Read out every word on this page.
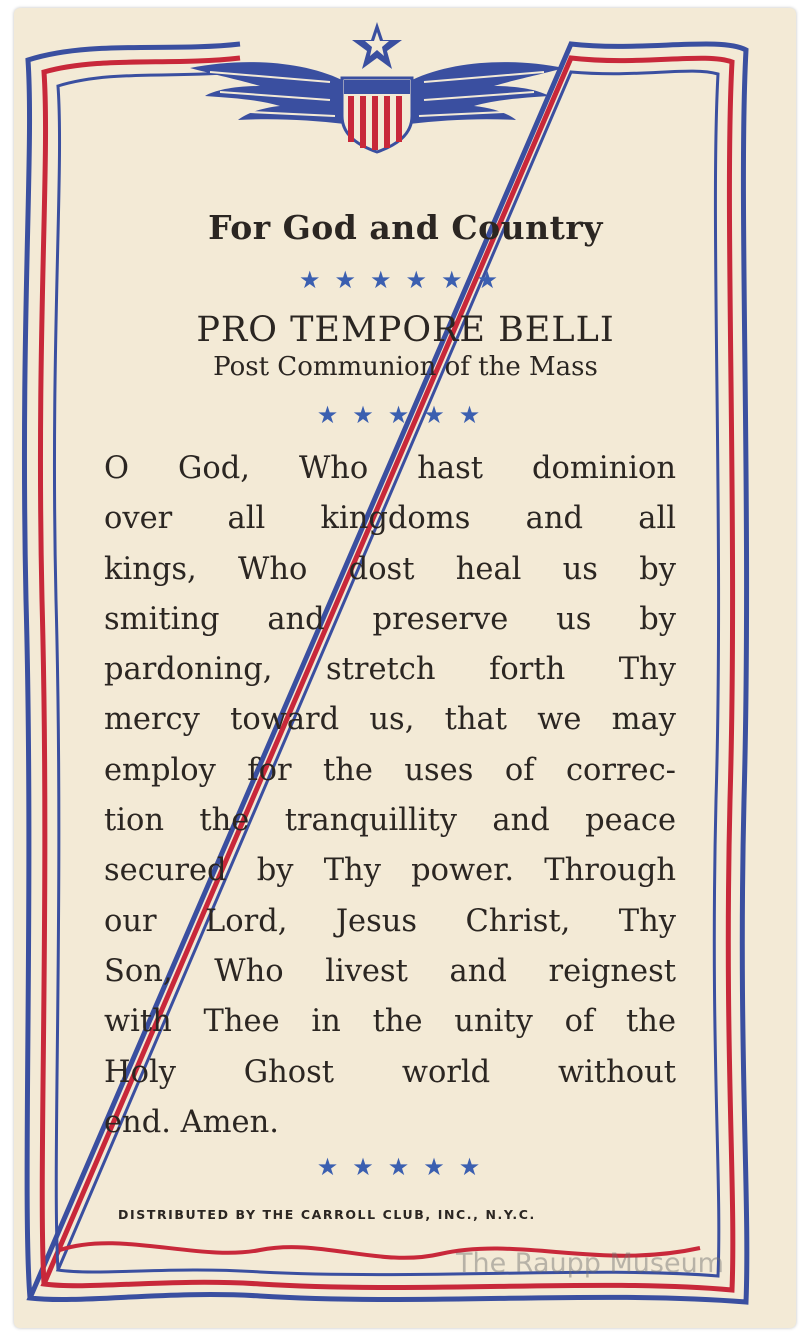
For God and Country
★★★★★★
PRO TEMPORE BELLI
Post Communion of the Mass
★★★★★
O God, Who hast dominion
over all kingdoms and all
kings, Who dost heal us by
smiting and preserve us by
pardoning, stretch forth Thy
mercy toward us, that we may
employ for the uses of correc-
tion the tranquillity and peace
secured by Thy power. Through
our Lord, Jesus Christ, Thy
Son, Who livest and reignest
with Thee in the unity of the
Holy Ghost world without
end. Amen.
★★★★★
DISTRIBUTED BY THE CARROLL CLUB, INC., N.Y.C.
The Raupp Museum
